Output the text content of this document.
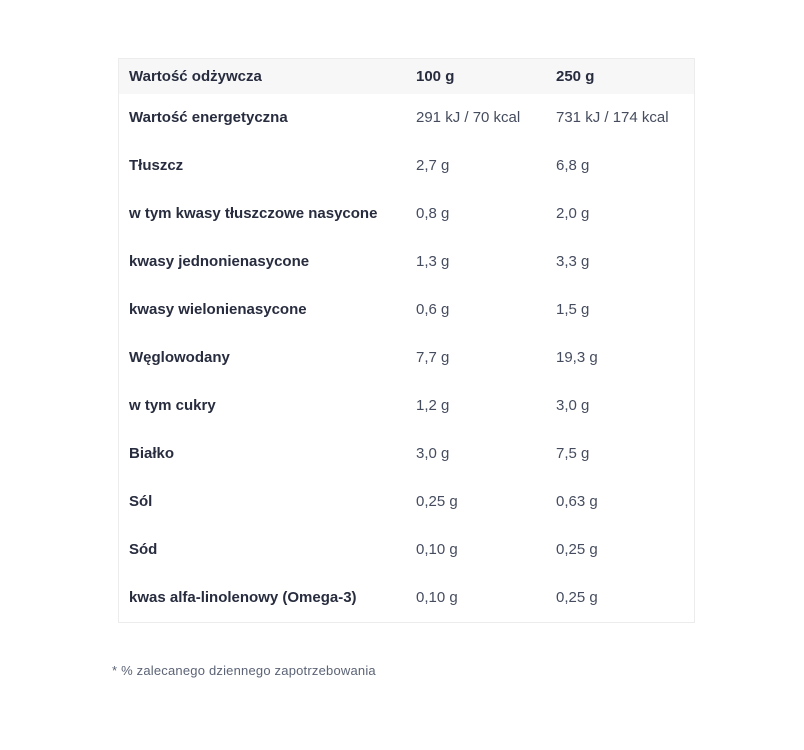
Wartość odżywcza	100 g	250 g
Wartość energetyczna	291 kJ / 70 kcal	731 kJ / 174 kcal
Tłuszcz	2,7 g	6,8 g
w tym kwasy tłuszczowe nasycone	0,8 g	2,0 g
kwasy jednonienasycone	1,3 g	3,3 g
kwasy wielonienasycone	0,6 g	1,5 g
Węglowodany	7,7 g	19,3 g
w tym cukry	1,2 g	3,0 g
Białko	3,0 g	7,5 g
Sól	0,25 g	0,63 g
Sód	0,10 g	0,25 g
kwas alfa-linolenowy (Omega-3)	0,10 g	0,25 g
* % zalecanego dziennego zapotrzebowania
